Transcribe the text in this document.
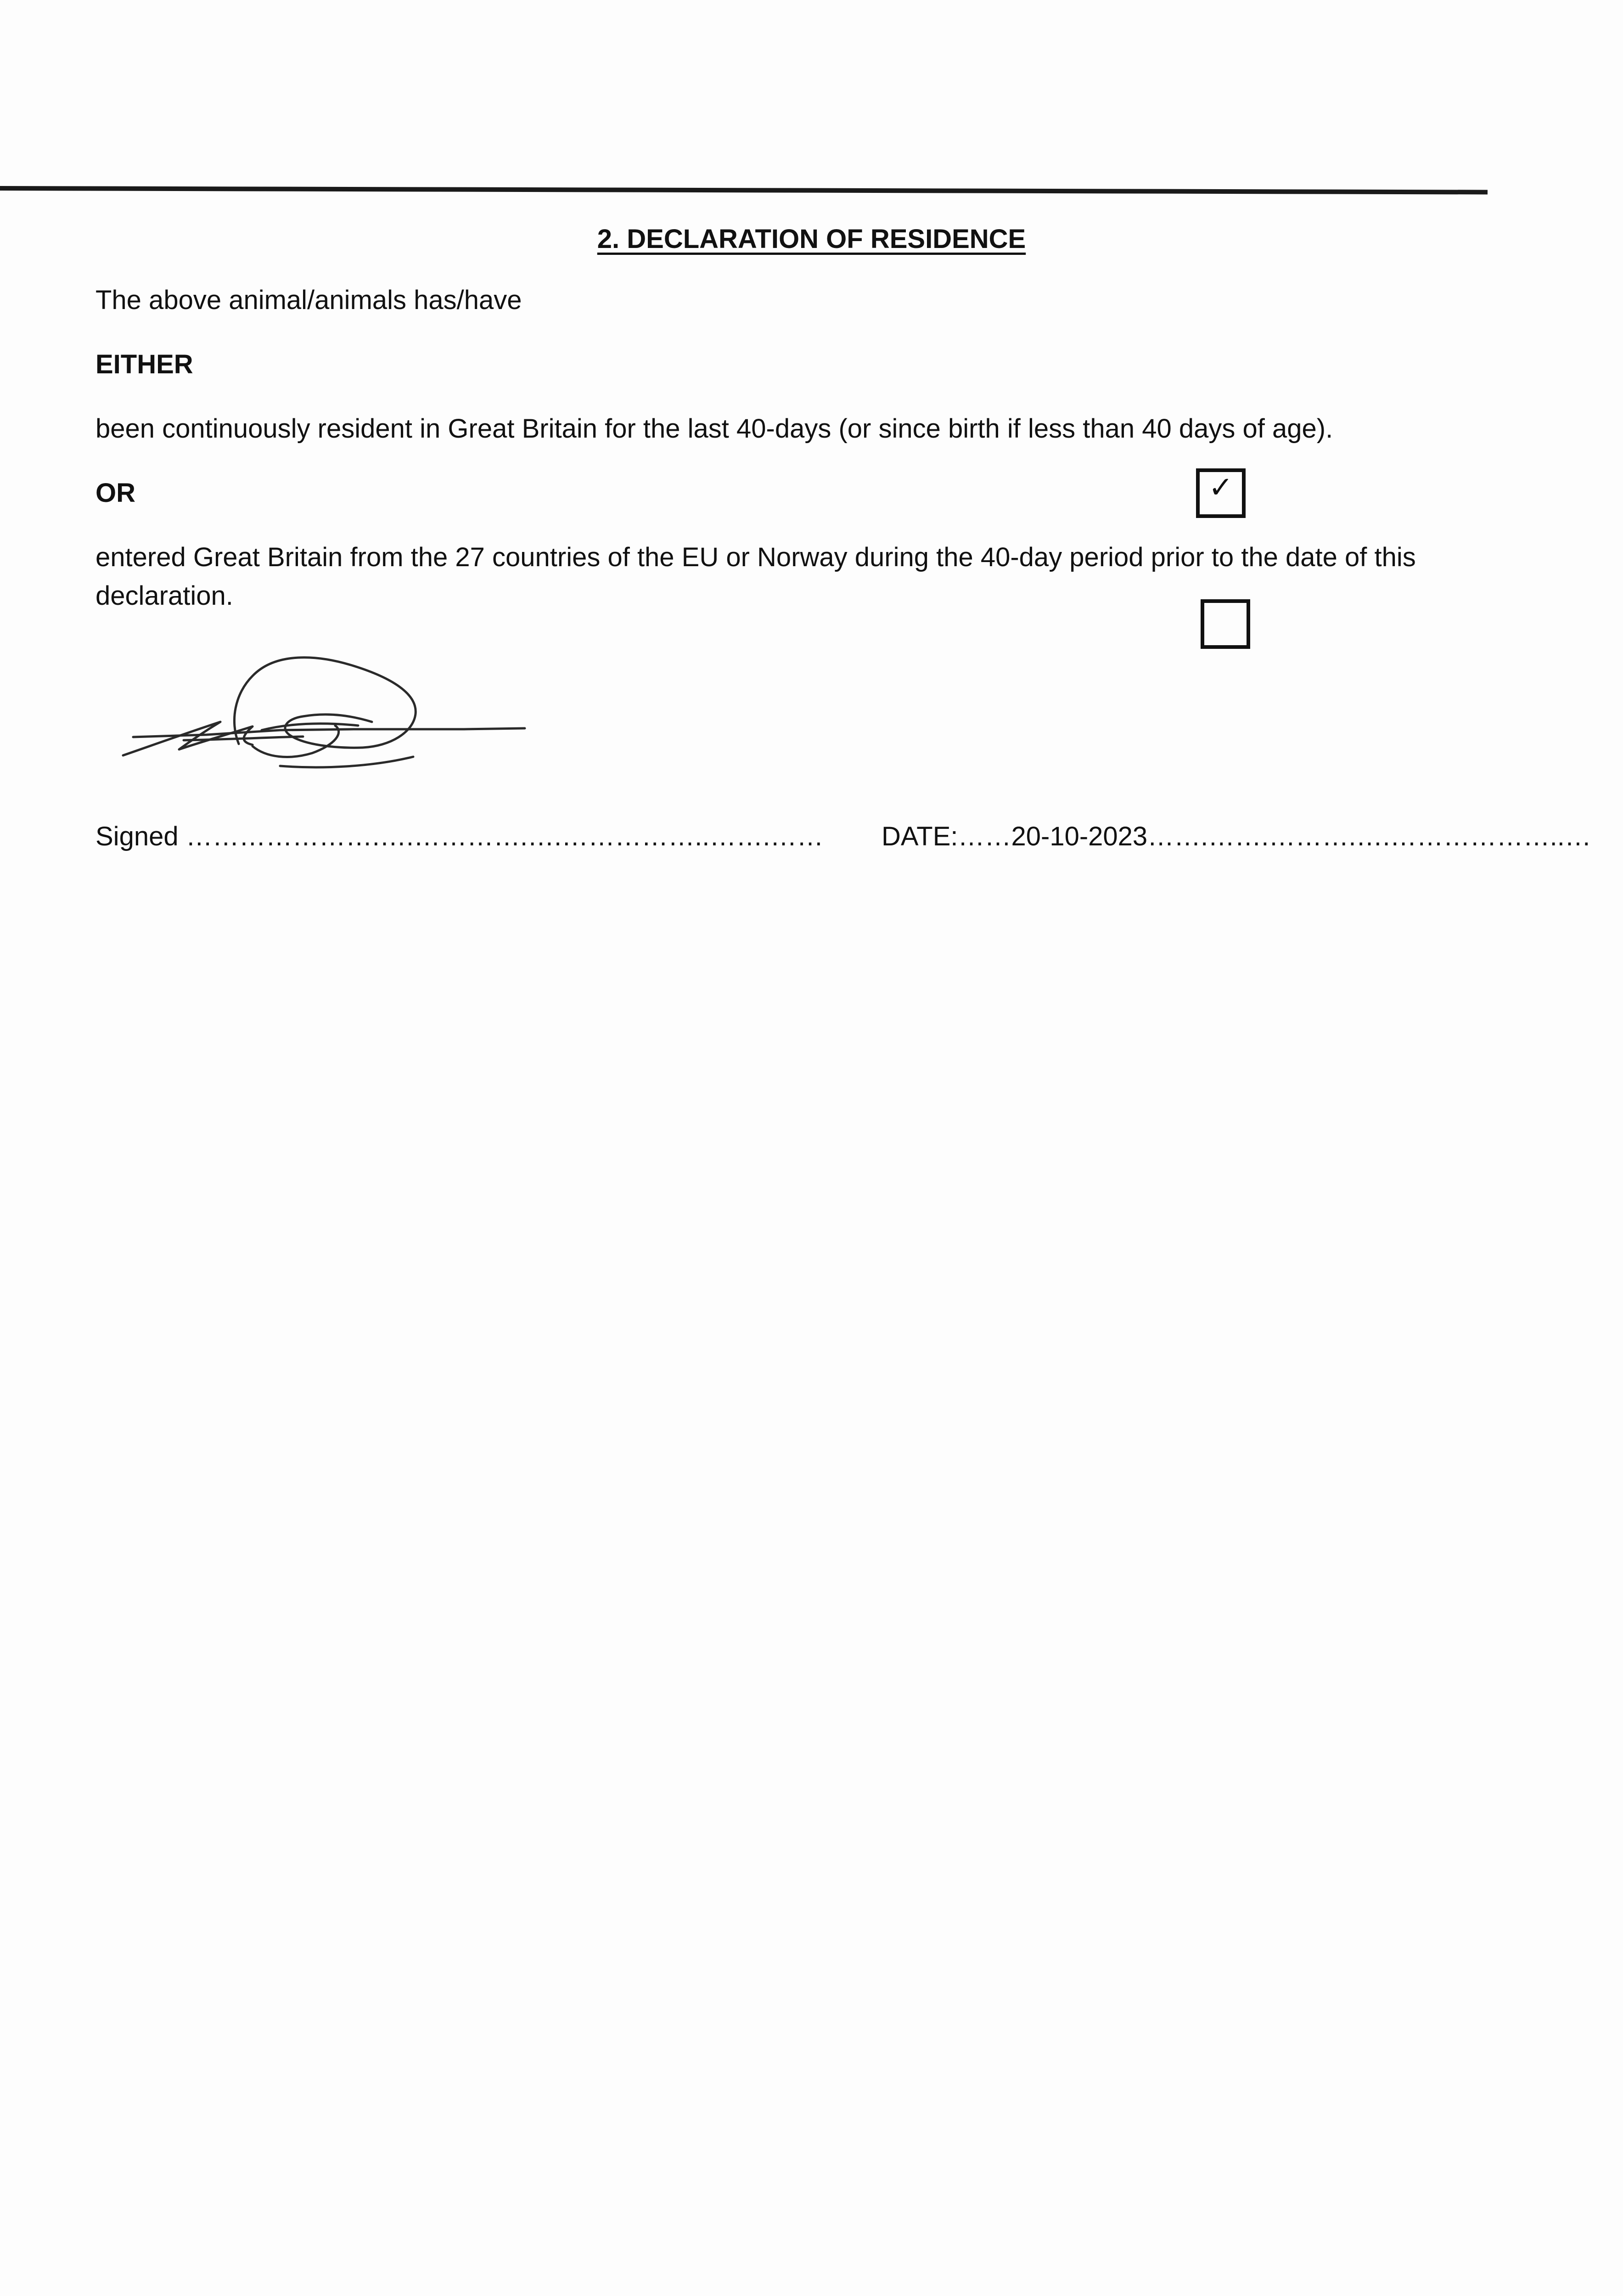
2. DECLARATION OF RESIDENCE
The above animal/animals has/have
EITHER
been continuously resident in Great Britain for the last 40-days (or since birth if less than 40 days of age).
OR	✓
entered Great Britain from the 27 countries of the EU or Norway during the 40-day period prior to the date of this declaration.
Signed ………………….….………….….……………..…….…… DATE:……20-10-2023…….…….……….….………………..…
